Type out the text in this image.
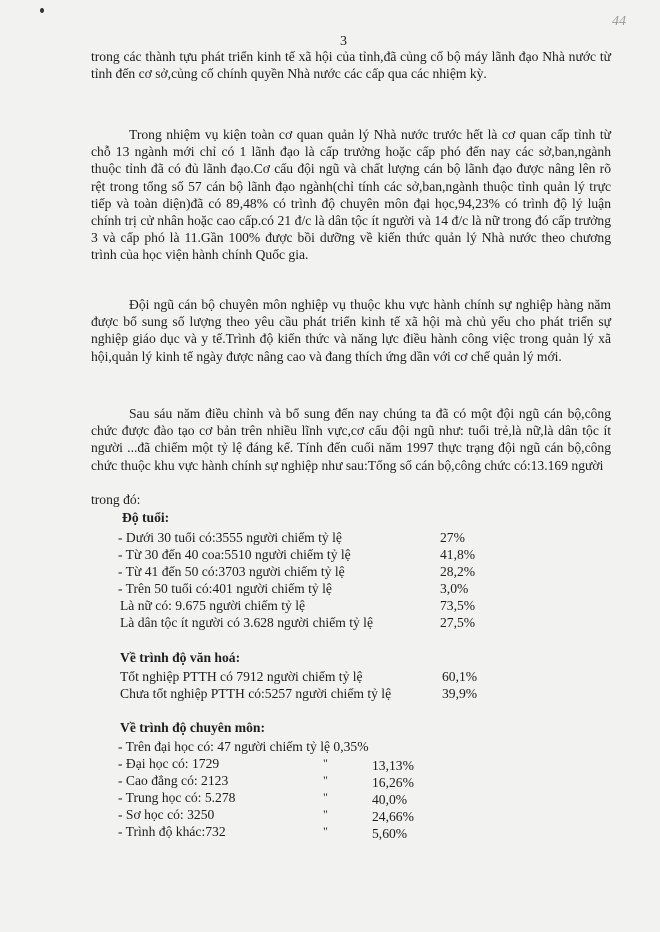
3
44
trong các thành tựu phát triển kinh tế xã hội của tỉnh,đã củng cố bộ máy lãnh đạo Nhà nước từ tỉnh đến cơ sở,củng cố chính quyền Nhà nước các cấp qua các nhiệm kỳ.
Trong nhiệm vụ kiện toàn cơ quan quản lý Nhà nước trước hết là cơ quan cấp tỉnh từ chỗ 13 ngành mới chỉ có 1 lãnh đạo là cấp trưởng hoặc cấp phó đến nay các sở,ban,ngành thuộc tỉnh đã có đủ lãnh đạo.Cơ cấu đội ngũ và chất lượng cán bộ lãnh đạo được nâng lên rõ rệt trong tổng số 57 cán bộ lãnh đạo ngành(chỉ tính các sở,ban,ngành thuộc tỉnh quản lý trực tiếp và toàn diện)đã có 89,48% có trình độ chuyên môn đại học,94,23% có trình độ lý luận chính trị cử nhân hoặc cao cấp.có 21 đ/c là dân tộc ít người và 14 đ/c là nữ trong đó cấp trưởng 3 và cấp phó là 11.Gần 100% được bồi dưỡng về kiến thức quản lý Nhà nước theo chương trình của học viện hành chính Quốc gia.
Đội ngũ cán bộ chuyên môn nghiệp vụ thuộc khu vực hành chính sự nghiệp hàng năm được bổ sung số lượng theo yêu cầu phát triển kinh tế xã hội mà chủ yếu cho phát triển sự nghiệp giáo dục và y tế.Trình độ kiến thức và năng lực điều hành công việc trong quản lý xã hội,quản lý kinh tế ngày được nâng cao và đang thích ứng dần với cơ chế quản lý mới.
Sau sáu năm điều chỉnh và bổ sung đến nay chúng ta đã có một đội ngũ cán bộ,công chức được đào tạo cơ bản trên nhiều lĩnh vực,cơ cấu đội ngũ như: tuổi trẻ,là nữ,là dân tộc ít người ...đã chiếm một tỷ lệ đáng kể. Tính đến cuối năm 1997 thực trạng đội ngũ cán bộ,công chức thuộc khu vực hành chính sự nghiệp như sau:Tổng số cán bộ,công chức có:13.169 người
trong đó:
Độ tuổi:
- Dưới 30 tuổi có:3555 người chiếm tỷ lệ	27%
- Từ 30 đến 40 coa:5510 người chiếm tỷ lệ	41,8%
- Từ 41 đến 50 có:3703 người chiếm tỷ lệ	28,2%
- Trên 50 tuổi có:401 người chiếm tỷ lệ	3,0%
Là nữ có: 9.675 người chiếm tỷ lệ	73,5%
Là dân tộc ít người có 3.628 người chiếm tỷ lệ	27,5%
Về trình độ văn hoá:
Tốt nghiệp PTTH có 7912 người chiếm tỷ lệ	60,1%
Chưa tốt nghiệp PTTH có:5257 người chiếm tỷ lệ	39,9%
Về trình độ chuyên môn:
- Trên đại học có: 47 người chiếm tỷ lệ 0,35%
- Đại học có: 1729	"	13,13%
- Cao đẳng có: 2123	"	16,26%
- Trung học có: 5.278	"	40,0%
- Sơ học có: 3250	"	24,66%
- Trình độ khác:732	"	5,60%
